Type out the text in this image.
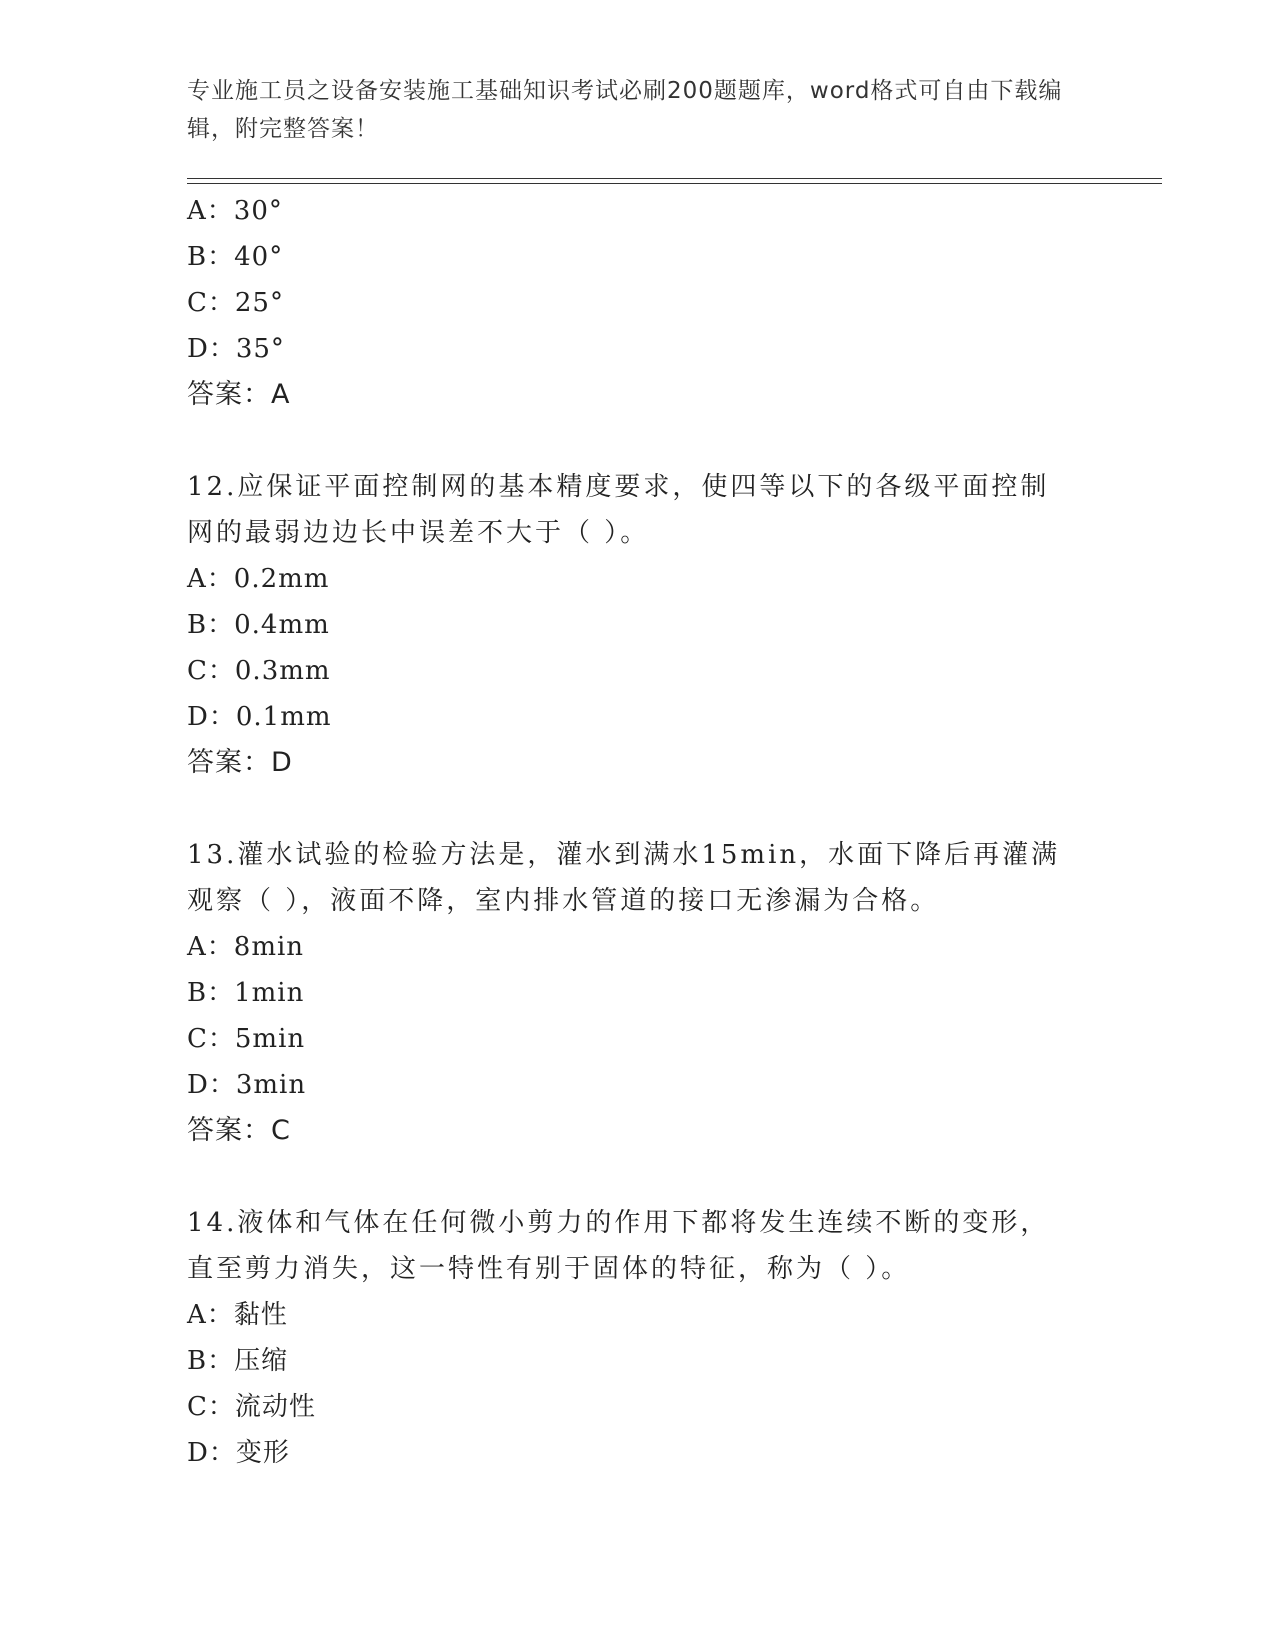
专业施工员之设备安装施工基础知识考试必刷200题题库，word格式可自由下载编辑，附完整答案！
A：30°
B：40°
C：25°
D：35°
答案：A
12.应保证平面控制网的基本精度要求，使四等以下的各级平面控制网的最弱边边长中误差不大于（ ）。
A：0.2mm
B：0.4mm
C：0.3mm
D：0.1mm
答案：D
13.灌水试验的检验方法是，灌水到满水15min，水面下降后再灌满观察（ ），液面不降，室内排水管道的接口无渗漏为合格。
A：8min
B：1min
C：5min
D：3min
答案：C
14.液体和气体在任何微小剪力的作用下都将发生连续不断的变形，直至剪力消失，这一特性有别于固体的特征，称为（ ）。
A：黏性
B：压缩
C：流动性
D：变形
